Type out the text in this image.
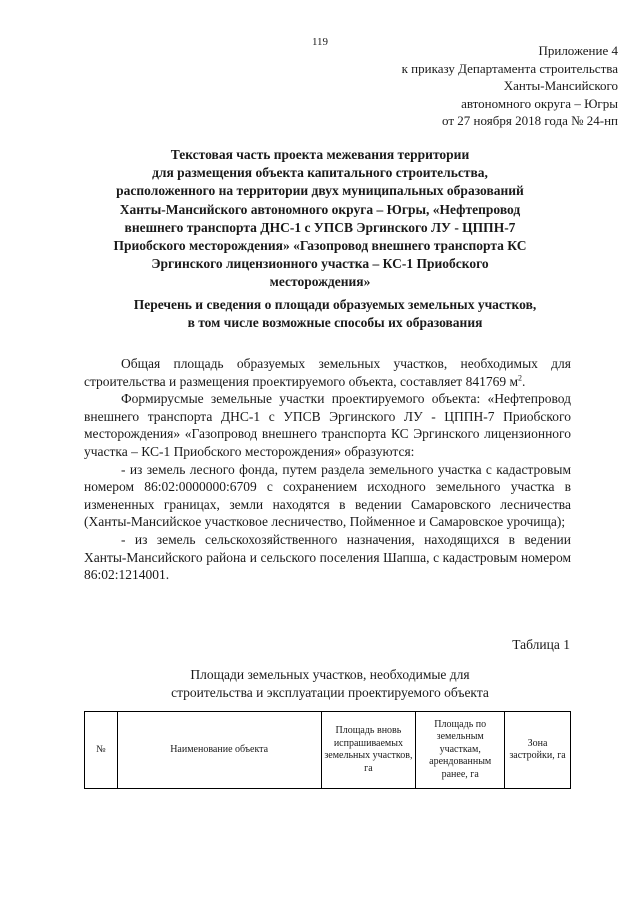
119
Приложение 4
к приказу Департамента строительства
Ханты-Мансийского
автономного округа – Югры
от 27 ноября 2018 года № 24-нп
Текстовая часть проекта межевания территории
для размещения объекта капитального строительства,
расположенного на территории двух муниципальных образований
Ханты-Мансийского автономного округа – Югры, «Нефтепровод
внешнего транспорта ДНС-1 с УПСВ Эргинского ЛУ - ЦППН-7
Приобского месторождения» «Газопровод внешнего транспорта КС
Эргинского лицензионного участка – КС-1 Приобского
месторождения»
Перечень и сведения о площади образуемых земельных участков,
в том числе возможные способы их образования

Общая площадь образуемых земельных участков, необходимых для строительства и размещения проектируемого объекта, составляет 841769 $м^2$.

Формирусмые земельные участки проектируемого объекта: «Нефтепровод внешнего транспорта ДНС-1 с УПСВ Эргинского ЛУ - ЦППН-7 Приобского месторождения» «Газопровод внешнего транспорта КС Эргинского лицензионного участка – КС-1 Приобского месторождения» образуются:

- из земель лесного фонда, путем раздела земельного участка с кадастровым номером 86:02:0000000:6709 с сохранением исходного земельного участка в измененных границах, земли находятся в ведении Самаровского лесничества (Ханты-Мансийское участковое лесничество, Пойменное и Самаровское урочища);

- из земель сельскохозяйственного назначения, находящихся в ведении Ханты-Мансийского района и сельского поселения Шапша, с кадастровым номером 86:02:1214001.

Таблица 1
Площади земельных участков, необходимые для
строительства и эксплуатации проектируемого объекта
№	Наименование объекта	Площадь вновь испрашиваемых земельных участков, га	Площадь по земельным участкам, арендованным ранее, га	Зона застройки, га
